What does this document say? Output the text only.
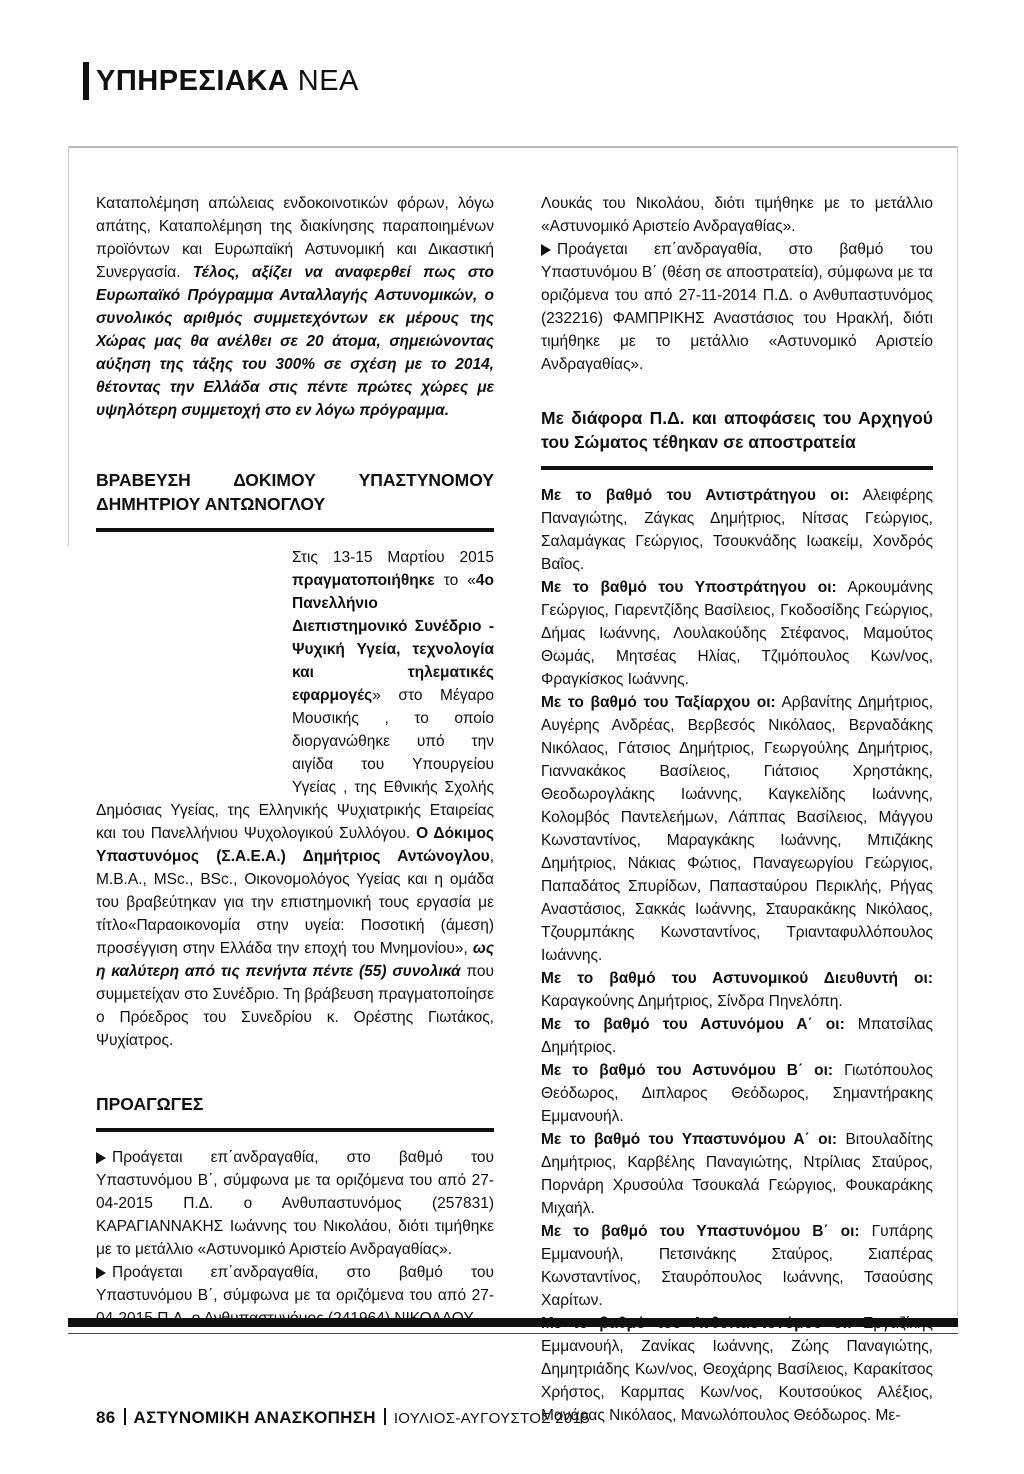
ΥΠΗΡΕΣΙΑΚΑ ΝΕΑ

Καταπολέμηση απώλειας ενδοκοινοτικών φόρων, λόγω απάτης, Καταπολέμηση της διακίνησης παραποιημένων προϊόντων και Ευρωπαϊκή Αστυνομική και Δικαστική Συνεργασία. Τέλος, αξίζει να αναφερθεί πως στο Ευρωπαϊκό Πρόγραμμα Ανταλλαγής Αστυνομικών, ο συνολικός αριθμός συμμετεχόντων εκ μέρους της Χώρας μας θα ανέλθει σε 20 άτομα, σημειώνοντας αύξηση της τάξης του 300% σε σχέση με το 2014, θέτοντας την Ελλάδα στις πέντε πρώτες χώρες με υψηλότερη συμμετοχή στο εν λόγω πρόγραμμα.

ΒΡΑΒΕΥΣΗ ΔΟΚΙΜΟΥ ΥΠΑΣΤΥΝΟΜΟΥ ΔΗΜΗΤΡΙΟΥ ΑΝΤΩΝΟΓΛΟΥ
Στις 13-15 Μαρτίου 2015 πραγματοποιήθηκε το «4ο Πανελλήνιο Διεπιστημονικό Συνέδριο - Ψυχική Υγεία, τεχνολογία και τηλεματικές εφαρμογές» στο Μέγαρο Μουσικής , το οποίο διοργανώθηκε υπό την αιγίδα του Υπουργείου Υγείας , της Εθνικής Σχολής Δημόσιας Υγείας, της Ελληνικής Ψυχιατρικής Εταιρείας και του Πανελλήνιου Ψυχολογικού Συλλόγου. Ο Δόκιμος Υπαστυνόμος (Σ.Α.Ε.Α.) Δημήτριος Αντώνογλου, Μ.Β.Α., MSc., BSc., Οικονομολόγος Υγείας και η ομάδα του βραβεύτηκαν για την επιστημονική τους εργασία με τίτλο«Παραοικονομία στην υγεία: Ποσοτική (άμεση) προσέγγιση στην Ελλάδα την εποχή του Μνημονίου», ως η καλύτερη από τις πενήντα πέντε (55) συνολικά που συμμετείχαν στο Συνέδριο. Τη βράβευση πραγματοποίησε ο Πρόεδρος του Συνεδρίου κ. Ορέστης Γιωτάκος, Ψυχίατρος.
ΠΡΟΑΓΩΓΕΣ

Προάγεται επ΄ανδραγαθία, στο βαθμό του Υπαστυνόμου Β΄, σύμφωνα με τα οριζόμενα του από 27-04-2015 Π.Δ. ο Ανθυπαστυνόμος (257831) ΚΑΡΑΓΙΑΝΝΑΚΗΣ Ιωάννης του Νικολάου, διότι τιμήθηκε με το μετάλλιο «Αστυνομικό Αριστείο Ανδραγαθίας».

Προάγεται επ΄ανδραγαθία, στο βαθμό του Υπαστυνόμου Β΄, σύμφωνα με τα οριζόμενα του από 27-

Λουκάς του Νικολάου, διότι τιμήθηκε με το μετάλλιο «Αστυνομικό Αριστείο Ανδραγαθίας».

Προάγεται επ΄ανδραγαθία, στο βαθμό του Υπαστυνόμου Β΄ (θέση σε αποστρατεία), σύμφωνα με τα οριζόμενα του από 27-11-2014 Π.Δ. ο Ανθυπαστυνόμος (232216) ΦΑΜΠΡΙΚΗΣ Αναστάσιος του Ηρακλή, διότι τιμήθηκε με το μετάλλιο «Αστυνομικό Αριστείο Ανδραγαθίας».

Με διάφορα Π.Δ. και αποφάσεις του Αρχηγού του Σώματος τέθηκαν σε αποστρατεία

Με το βαθμό του Αντιστράτηγου οι: Αλειφέρης Παναγιώτης, Ζάγκας Δημήτριος, Νίτσας Γεώργιος, Σαλαμάγκας Γεώργιος, Τσουκνάδης Ιωακείμ, Χονδρός Βαΐος.

Με το βαθμό του Υποστράτηγου οι: Αρκουμάνης Γεώργιος, Γιαρεντζίδης Βασίλειος, Γκοδοσίδης Γεώργιος, Δήμας Ιωάννης, Λουλακούδης Στέφανος, Μαμούτος Θωμάς, Μητσέας Ηλίας, Τζιμόπουλος Κων/νος, Φραγκίσκος Ιωάννης.

Με το βαθμό του Ταξίαρχου οι: Αρβανίτης Δημήτριος, Αυγέρης Ανδρέας, Βερβεσός Νικόλαος, Βερναδάκης Νικόλαος, Γάτσιος Δημήτριος, Γεωργούλης Δημήτριος, Γιαννακάκος Βασίλειος, Γιάτσιος Χρηστάκης, Θεοδωρογλάκης Ιωάννης, Καγκελίδης Ιωάννης, Κολομβός Παντελεήμων, Λάππας Βασίλειος, Μάγγου Κωνσταντίνος, Μαραγκάκης Ιωάννης, Μπιζάκης Δημήτριος, Νάκιας Φώτιος, Παναγεωργίου Γεώργιος, Παπαδάτος Σπυρίδων, Παπασταύρου Περικλής, Ρήγας Αναστάσιος, Σακκάς Ιωάννης, Σταυρακάκης Νικόλαος, Τζουρμπάκης Κωνσταντίνος, Τριανταφυλλόπουλος Ιωάννης.

Με το βαθμό του Αστυνομικού Διευθυντή οι: Καραγκούνης Δημήτριος, Σίνδρα Πηνελόπη.

Με το βαθμό του Αστυνόμου Α΄ οι: Μπατσίλας Δημήτριος.

Με το βαθμό του Αστυνόμου Β΄ οι: Γιωτόπουλος Θεόδωρος, Διπλαρος Θεόδωρος, Σημαντήρακης Εμμανουήλ.

Με το βαθμό του Υπαστυνόμου Α΄ οι: Βιτουλαδίτης Δημήτριος, Καρβέλης Παναγιώτης, Ντρίλιας Σταύρος, Πορνάρη Χρυσούλα Τσουκαλά Γεώργιος, Φουκαράκης Μιχαήλ.

Με το βαθμό του Υπαστυνόμου Β΄ οι: Γυπάρης Εμμανουήλ, Πετσινάκης Σταύρος, Σιαπέρας Κωνσταντίνος, Σταυρόπουλος Ιωάννης, Τσαούσης Χαρίτων.

Εμμανουήλ, Ζανίκας Ιωάννης, Ζώης Παναγιώτης, Δημητριάδης Κων/νος, Θεοχάρης Βασίλειος, Καρακίτσος Χρήστος, Καρμπας Κων/νος, Κουτσούκος Αλέξιος, Μανάρας Νικόλαος, Μανωλόπουλος Θεόδωρος. Με-

86 ΑΣΤΥΝΟΜΙΚΗ ΑΝΑΣΚΟΠΗΣΗ ΙΟΥΛΙΟΣ-ΑΥΓΟΥΣΤΟΣ 2015
